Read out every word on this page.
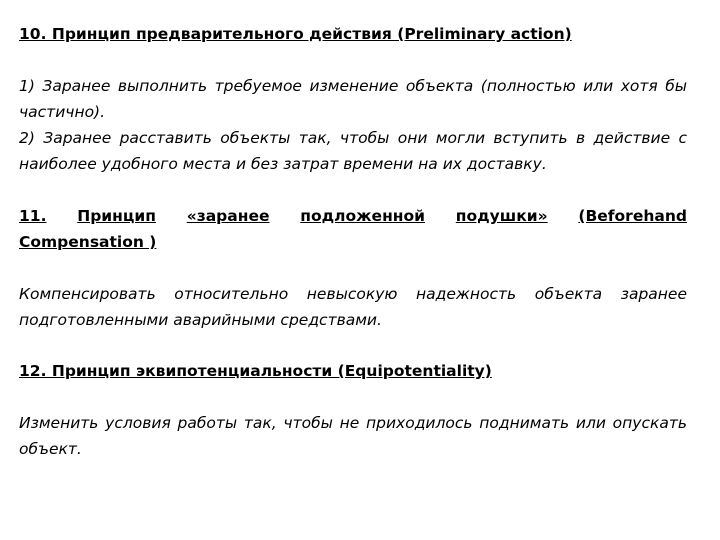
10. Принцип предварительного действия (Preliminary action)
1) Заранее выполнить требуемое изменение объекта (полностью или хотя бы
частично).
2) Заранее расставить объекты так, чтобы они могли вступить в действие с
наиболее удобного места и без затрат времени на их доставку.
11. Принцип «заранее подложенной подушки» (Beforehand
Compensation )
Компенсировать относительно невысокую надежность объекта заранее
подготовленными аварийными средствами.
12. Принцип эквипотенциальности (Equipotentiality)
Изменить условия работы так, чтобы не приходилось поднимать или опускать
объект.
